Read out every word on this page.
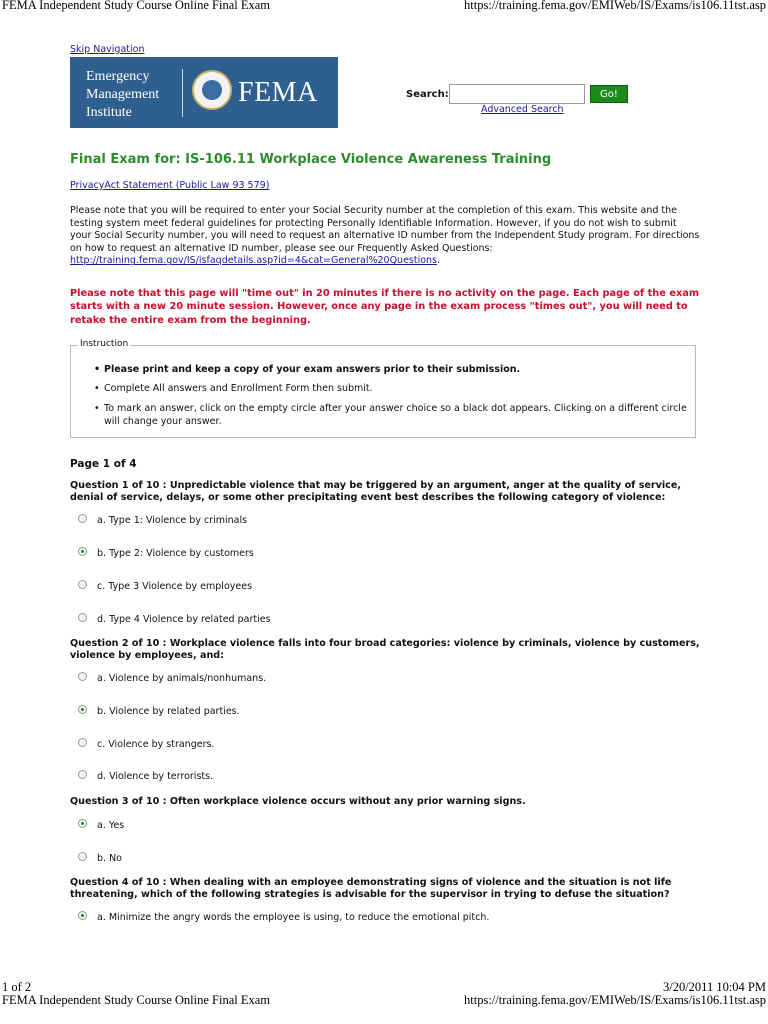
FEMA Independent Study Course Online Final Exam	https://training.fema.gov/EMIWeb/IS/Exams/is106.11tst.asp
Skip Navigation
Emergency
Management
Institute
FEMA	Search:	Go!
Advanced Search
Final Exam for: IS-106.11 Workplace Violence Awareness Training
PrivacyAct Statement (Public Law 93 579)
Please note that you will be required to enter your Social Security number at the completion of this exam. This website and the testing system meet federal guidelines for protecting Personally Identifiable Information. However, if you do not wish to submit your Social Security number, you will need to request an alternative ID number from the Independent Study program. For directions on how to request an alternative ID number, please see our Frequently Asked Questions: http://training.fema.gov/IS/isfaqdetails.asp?id=4&cat=General%20Questions.
Please note that this page will "time out" in 20 minutes if there is no activity on the page. Each page of the exam starts with a new 20 minute session. However, once any page in the exam process "times out", you will need to retake the entire exam from the beginning.
Instruction
• Please print and keep a copy of your exam answers prior to their submission.
• Complete All answers and Enrollment Form then submit.
• To mark an answer, click on the empty circle after your answer choice so a black dot appears. Clicking on a different circle will change your answer.
Page 1 of 4
Question 1 of 10 : Unpredictable violence that may be triggered by an argument, anger at the quality of service, denial of service, delays, or some other precipitating event best describes the following category of violence:
a. Type 1: Violence by criminals
b. Type 2: Violence by customers
c. Type 3 Violence by employees
d. Type 4 Violence by related parties
Question 2 of 10 : Workplace violence falls into four broad categories: violence by criminals, violence by customers, violence by employees, and:
a. Violence by animals/nonhumans.
b. Violence by related parties.
c. Violence by strangers.
d. Violence by terrorists.
Question 3 of 10 : Often workplace violence occurs without any prior warning signs.
a. Yes
b. No
Question 4 of 10 : When dealing with an employee demonstrating signs of violence and the situation is not life threatening, which of the following strategies is advisable for the supervisor in trying to defuse the situation?
a. Minimize the angry words the employee is using, to reduce the emotional pitch.
1 of 2	3/20/2011 10:04 PM
FEMA Independent Study Course Online Final Exam	https://training.fema.gov/EMIWeb/IS/Exams/is106.11tst.asp
